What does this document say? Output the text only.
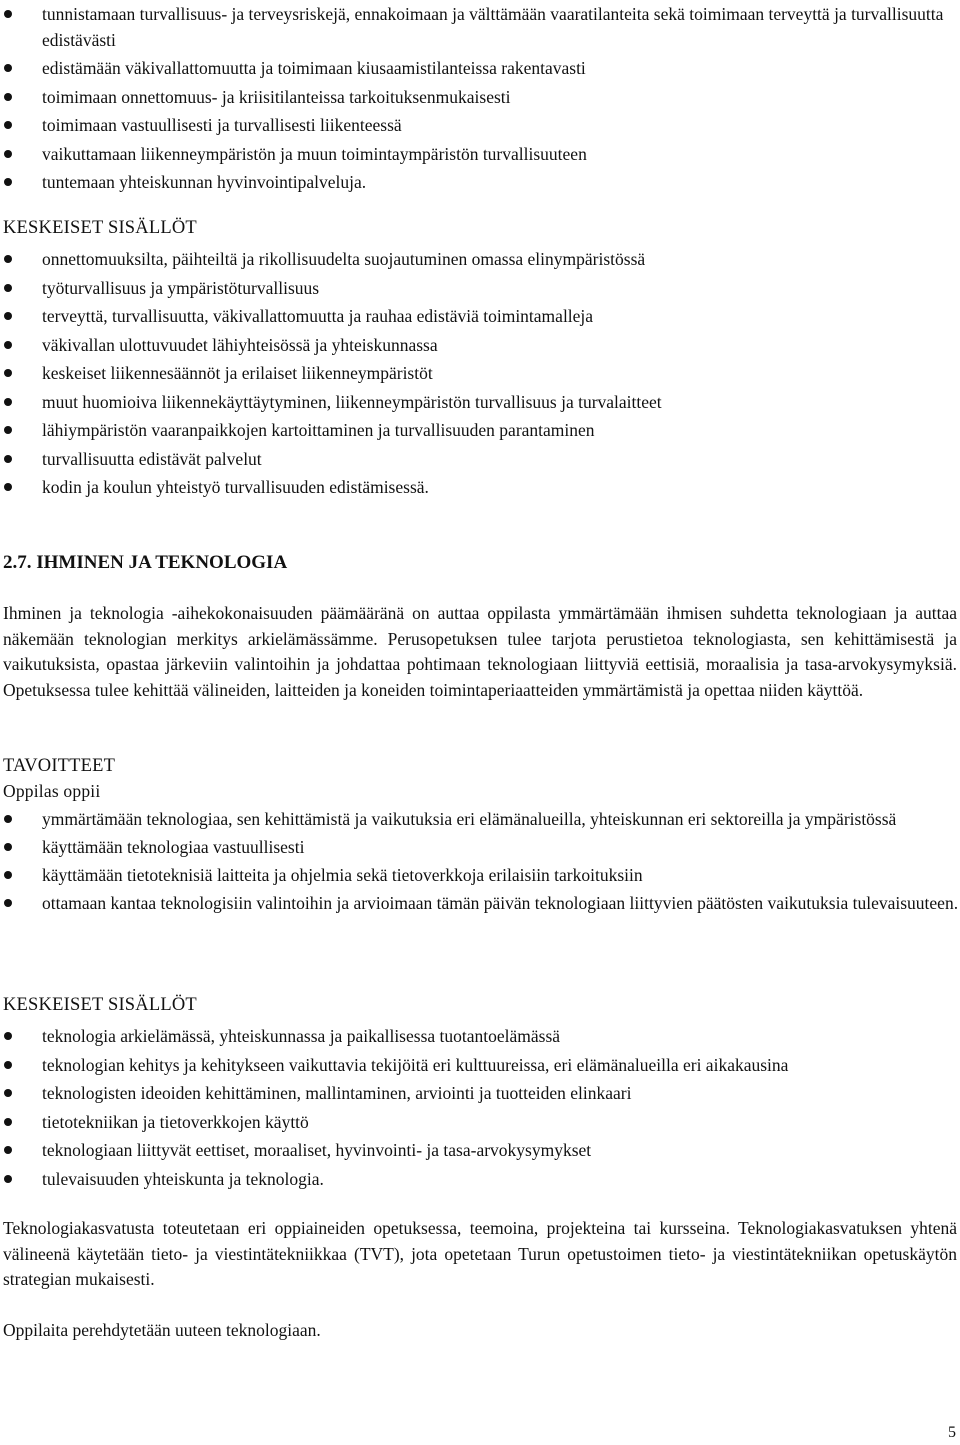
tunnistamaan turvallisuus- ja terveysriskejä, ennakoimaan ja välttämään vaaratilanteita sekä toimimaan terveyttä ja turvallisuutta edistävästi
edistämään väkivallattomuutta ja toimimaan kiusaamistilanteissa rakentavasti
toimimaan onnettomuus- ja kriisitilanteissa tarkoituksenmukaisesti
toimimaan vastuullisesti ja turvallisesti liikenteessä
vaikuttamaan liikenneympäristön ja muun toimintaympäristön turvallisuuteen
tuntemaan yhteiskunnan hyvinvointipalveluja.
KESKEISET SISÄLLÖT
onnettomuuksilta, päihteiltä ja rikollisuudelta suojautuminen omassa elinympäristössä
työturvallisuus ja ympäristöturvallisuus
terveyttä, turvallisuutta, väkivallattomuutta ja rauhaa edistäviä toimintamalleja
väkivallan ulottuvuudet lähiyhteisössä ja yhteiskunnassa
keskeiset liikennesäännöt ja erilaiset liikenneympäristöt
muut huomioiva liikennekäyttäytyminen, liikenneympäristön turvallisuus ja turvalaitteet
lähiympäristön vaaranpaikkojen kartoittaminen ja turvallisuuden parantaminen
turvallisuutta edistävät palvelut
kodin ja koulun yhteistyö turvallisuuden edistämisessä.
2.7. IHMINEN JA TEKNOLOGIA
Ihminen ja teknologia -aihekokonaisuuden päämääränä on auttaa oppilasta ymmärtämään ihmisen suhdetta teknologiaan ja auttaa näkemään teknologian merkitys arkielämässämme. Perusopetuksen tulee tarjota perustietoa teknologiasta, sen kehittämisestä ja vaikutuksista, opastaa järkeviin valintoihin ja johdattaa pohtimaan teknologiaan liittyviä eettisiä, moraalisia ja tasa-arvokysymyksiä. Opetuksessa tulee kehittää välineiden, laitteiden ja koneiden toimintaperiaatteiden ymmärtämistä ja opettaa niiden käyttöä.
TAVOITTEET
Oppilas oppii
ymmärtämään teknologiaa, sen kehittämistä ja vaikutuksia eri elämänalueilla, yhteiskunnan eri sektoreilla ja ympäristössä
käyttämään teknologiaa vastuullisesti
käyttämään tietoteknisiä laitteita ja ohjelmia sekä tietoverkkoja erilaisiin tarkoituksiin
ottamaan kantaa teknologisiin valintoihin ja arvioimaan tämän päivän teknologiaan liittyvien päätösten vaikutuksia tulevaisuuteen.
KESKEISET SISÄLLÖT
teknologia arkielämässä, yhteiskunnassa ja paikallisessa tuotantoelämässä
teknologian kehitys ja kehitykseen vaikuttavia tekijöitä eri kulttuureissa, eri elämänalueilla eri aikakausina
teknologisten ideoiden kehittäminen, mallintaminen, arviointi ja tuotteiden elinkaari
tietotekniikan ja tietoverkkojen käyttö
teknologiaan liittyvät eettiset, moraaliset, hyvinvointi- ja tasa-arvokysymykset
tulevaisuuden yhteiskunta ja teknologia.
Teknologiakasvatusta toteutetaan eri oppiaineiden opetuksessa, teemoina, projekteina tai kursseina. Teknologiakasvatuksen yhtenä välineenä käytetään tieto- ja viestintätekniikkaa (TVT), jota opetetaan Turun opetustoimen tieto- ja viestintätekniikan opetuskäytön strategian mukaisesti.
Oppilaita perehdytetään uuteen teknologiaan.
5
